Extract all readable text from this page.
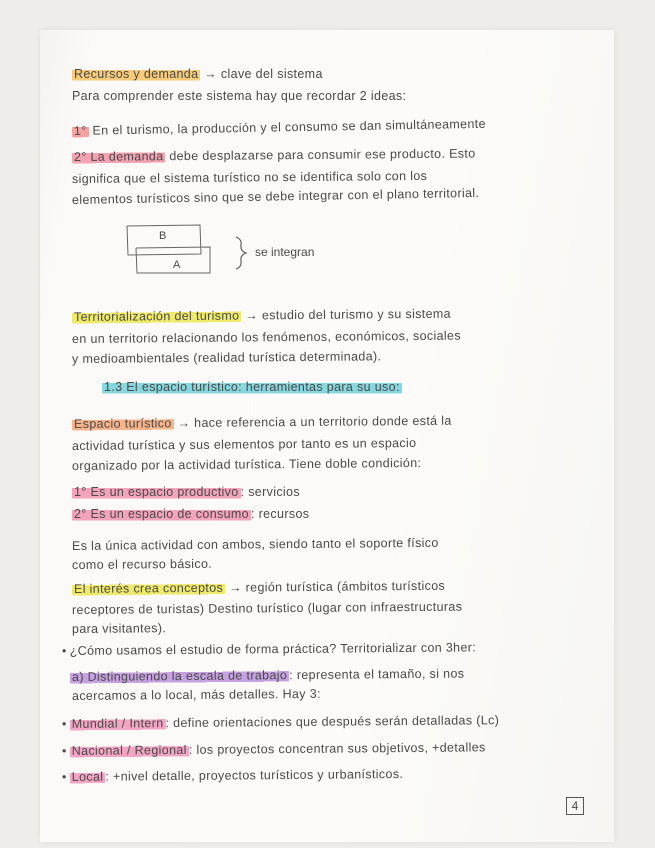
Recursos y demanda → clave del sistema
Para comprender este sistema hay que recordar 2 ideas:
1° En el turismo, la producción y el consumo se dan simultáneamente
2° La demanda debe desplazarse para consumir ese producto. Esto
significa que el sistema turístico no se identifica solo con los
elementos turísticos sino que se debe integrar con el plano territorial.
B
A
se integran
Territorialización del turismo → estudio del turismo y su sistema
en un territorio relacionando los fenómenos, económicos, sociales
y medioambientales (realidad turística determinada).
1.3 El espacio turístico: herramientas para su uso:
Espacio turístico → hace referencia a un territorio donde está la
actividad turística y sus elementos por tanto es un espacio
organizado por la actividad turística. Tiene doble condición:
1° Es un espacio productivo : servicios
2° Es un espacio de consumo : recursos
Es la única actividad con ambos, siendo tanto el soporte físico
como el recurso básico.
El interés crea conceptos → región turística (ámbitos turísticos
receptores de turistas) Destino turístico (lugar con infraestructuras
para visitantes).
• ¿Cómo usamos el estudio de forma práctica? Territorializar con 3her:
a) Distinguiendo la escala de trabajo : representa el tamaño, si nos
acercamos a lo local, más detalles. Hay 3:
• Mundial / Intern : define orientaciones que después serán detalladas (Lc)
• Nacional / Regional : los proyectos concentran sus objetivos, +detalles
• Local : +nivel detalle, proyectos turísticos y urbanísticos.
4
